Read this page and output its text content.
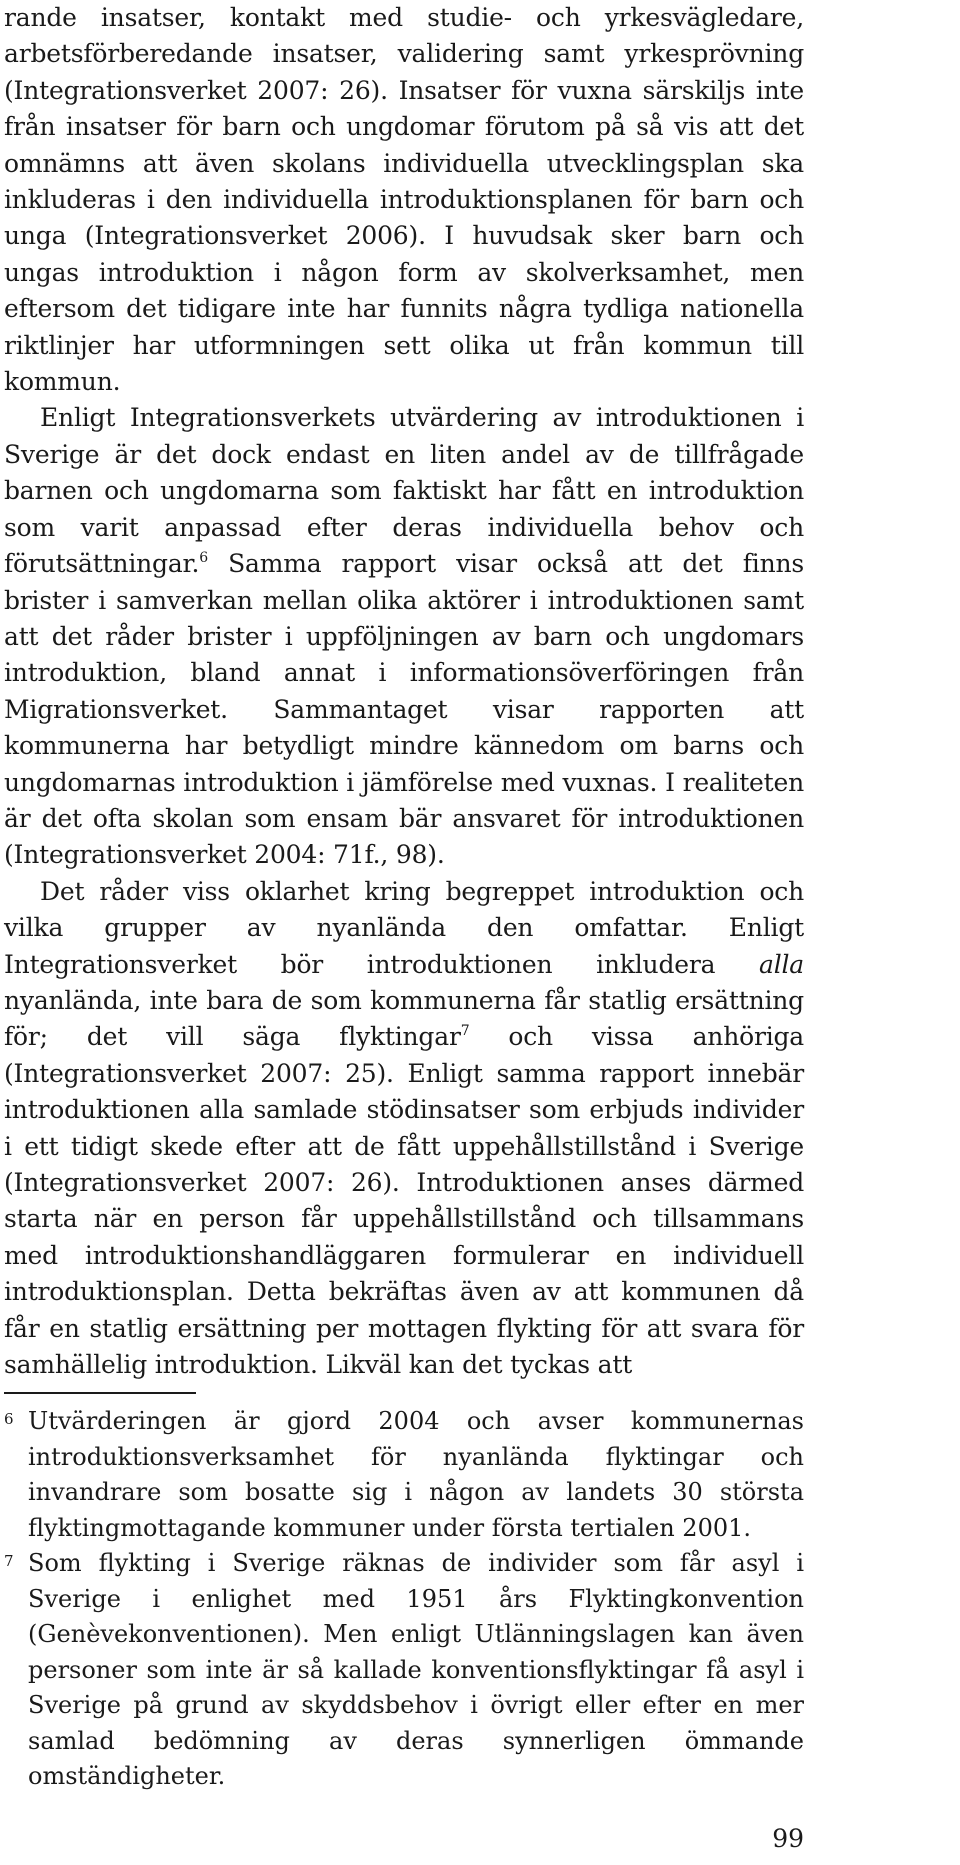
rande insatser, kontakt med studie- och yrkesvägledare, arbetsförberedande insatser, validering samt yrkesprövning (Integrationsverket 2007: 26). Insatser för vuxna särskiljs inte från insatser för barn och ungdomar förutom på så vis att det omnämns att även skolans individuella utvecklingsplan ska inkluderas i den individuella introduktionsplanen för barn och unga (Integrationsverket 2006). I huvudsak sker barn och ungas introduktion i någon form av skolverksamhet, men eftersom det tidigare inte har funnits några tydliga nationella riktlinjer har utformningen sett olika ut från kommun till kommun.

Enligt Integrationsverkets utvärdering av introduktionen i Sverige är det dock endast en liten andel av de tillfrågade barnen och ungdomarna som faktiskt har fått en introduktion som varit anpassad efter deras individuella behov och förutsättningar.$^6$ Samma rapport visar också att det finns brister i samverkan mellan olika aktörer i introduktionen samt att det råder brister i uppföljningen av barn och ungdomars introduktion, bland annat i informationsöverföringen från Migrationsverket. Sammantaget visar rapporten att kommunerna har betydligt mindre kännedom om barns och ungdomarnas introduktion i jämförelse med vuxnas. I realiteten är det ofta skolan som ensam bär ansvaret för introduktionen (Integrationsverket 2004: 71f., 98).

Det råder viss oklarhet kring begreppet introduktion och vilka grupper av nyanlända den omfattar. Enligt Integrationsverket bör introduktionen inkludera alla nyanlända, inte bara de som kommunerna får statlig ersättning för; det vill säga flyktingar$^7$ och vissa anhöriga (Integrationsverket 2007: 25). Enligt samma rapport innebär introduktionen alla samlade stödinsatser som erbjuds individer i ett tidigt skede efter att de fått uppehållstillstånd i Sverige (Integrationsverket 2007: 26). Introduktionen anses därmed starta när en person får uppehållstillstånd och tillsammans med introduktionshandläggaren formulerar en individuell introduktionsplan. Detta bekräftas även av att kommunen då får en statlig ersättning per mottagen flykting för att svara för samhällelig introduktion. Likväl kan det tyckas att

6 Utvärderingen är gjord 2004 och avser kommunernas introduktionsverksamhet för nyanlända flyktingar och invandrare som bosatte sig i någon av landets 30 största flyktingmottagande kommuner under första tertialen 2001.

7 Som flykting i Sverige räknas de individer som får asyl i Sverige i enlighet med 1951 års Flyktingkonvention (Genèvekonventionen). Men enligt Utlänningslagen kan även personer som inte är så kallade konventionsflyktingar få asyl i Sverige på grund av skyddsbehov i övrigt eller efter en mer samlad bedömning av deras synnerligen ömmande omständigheter.

99
